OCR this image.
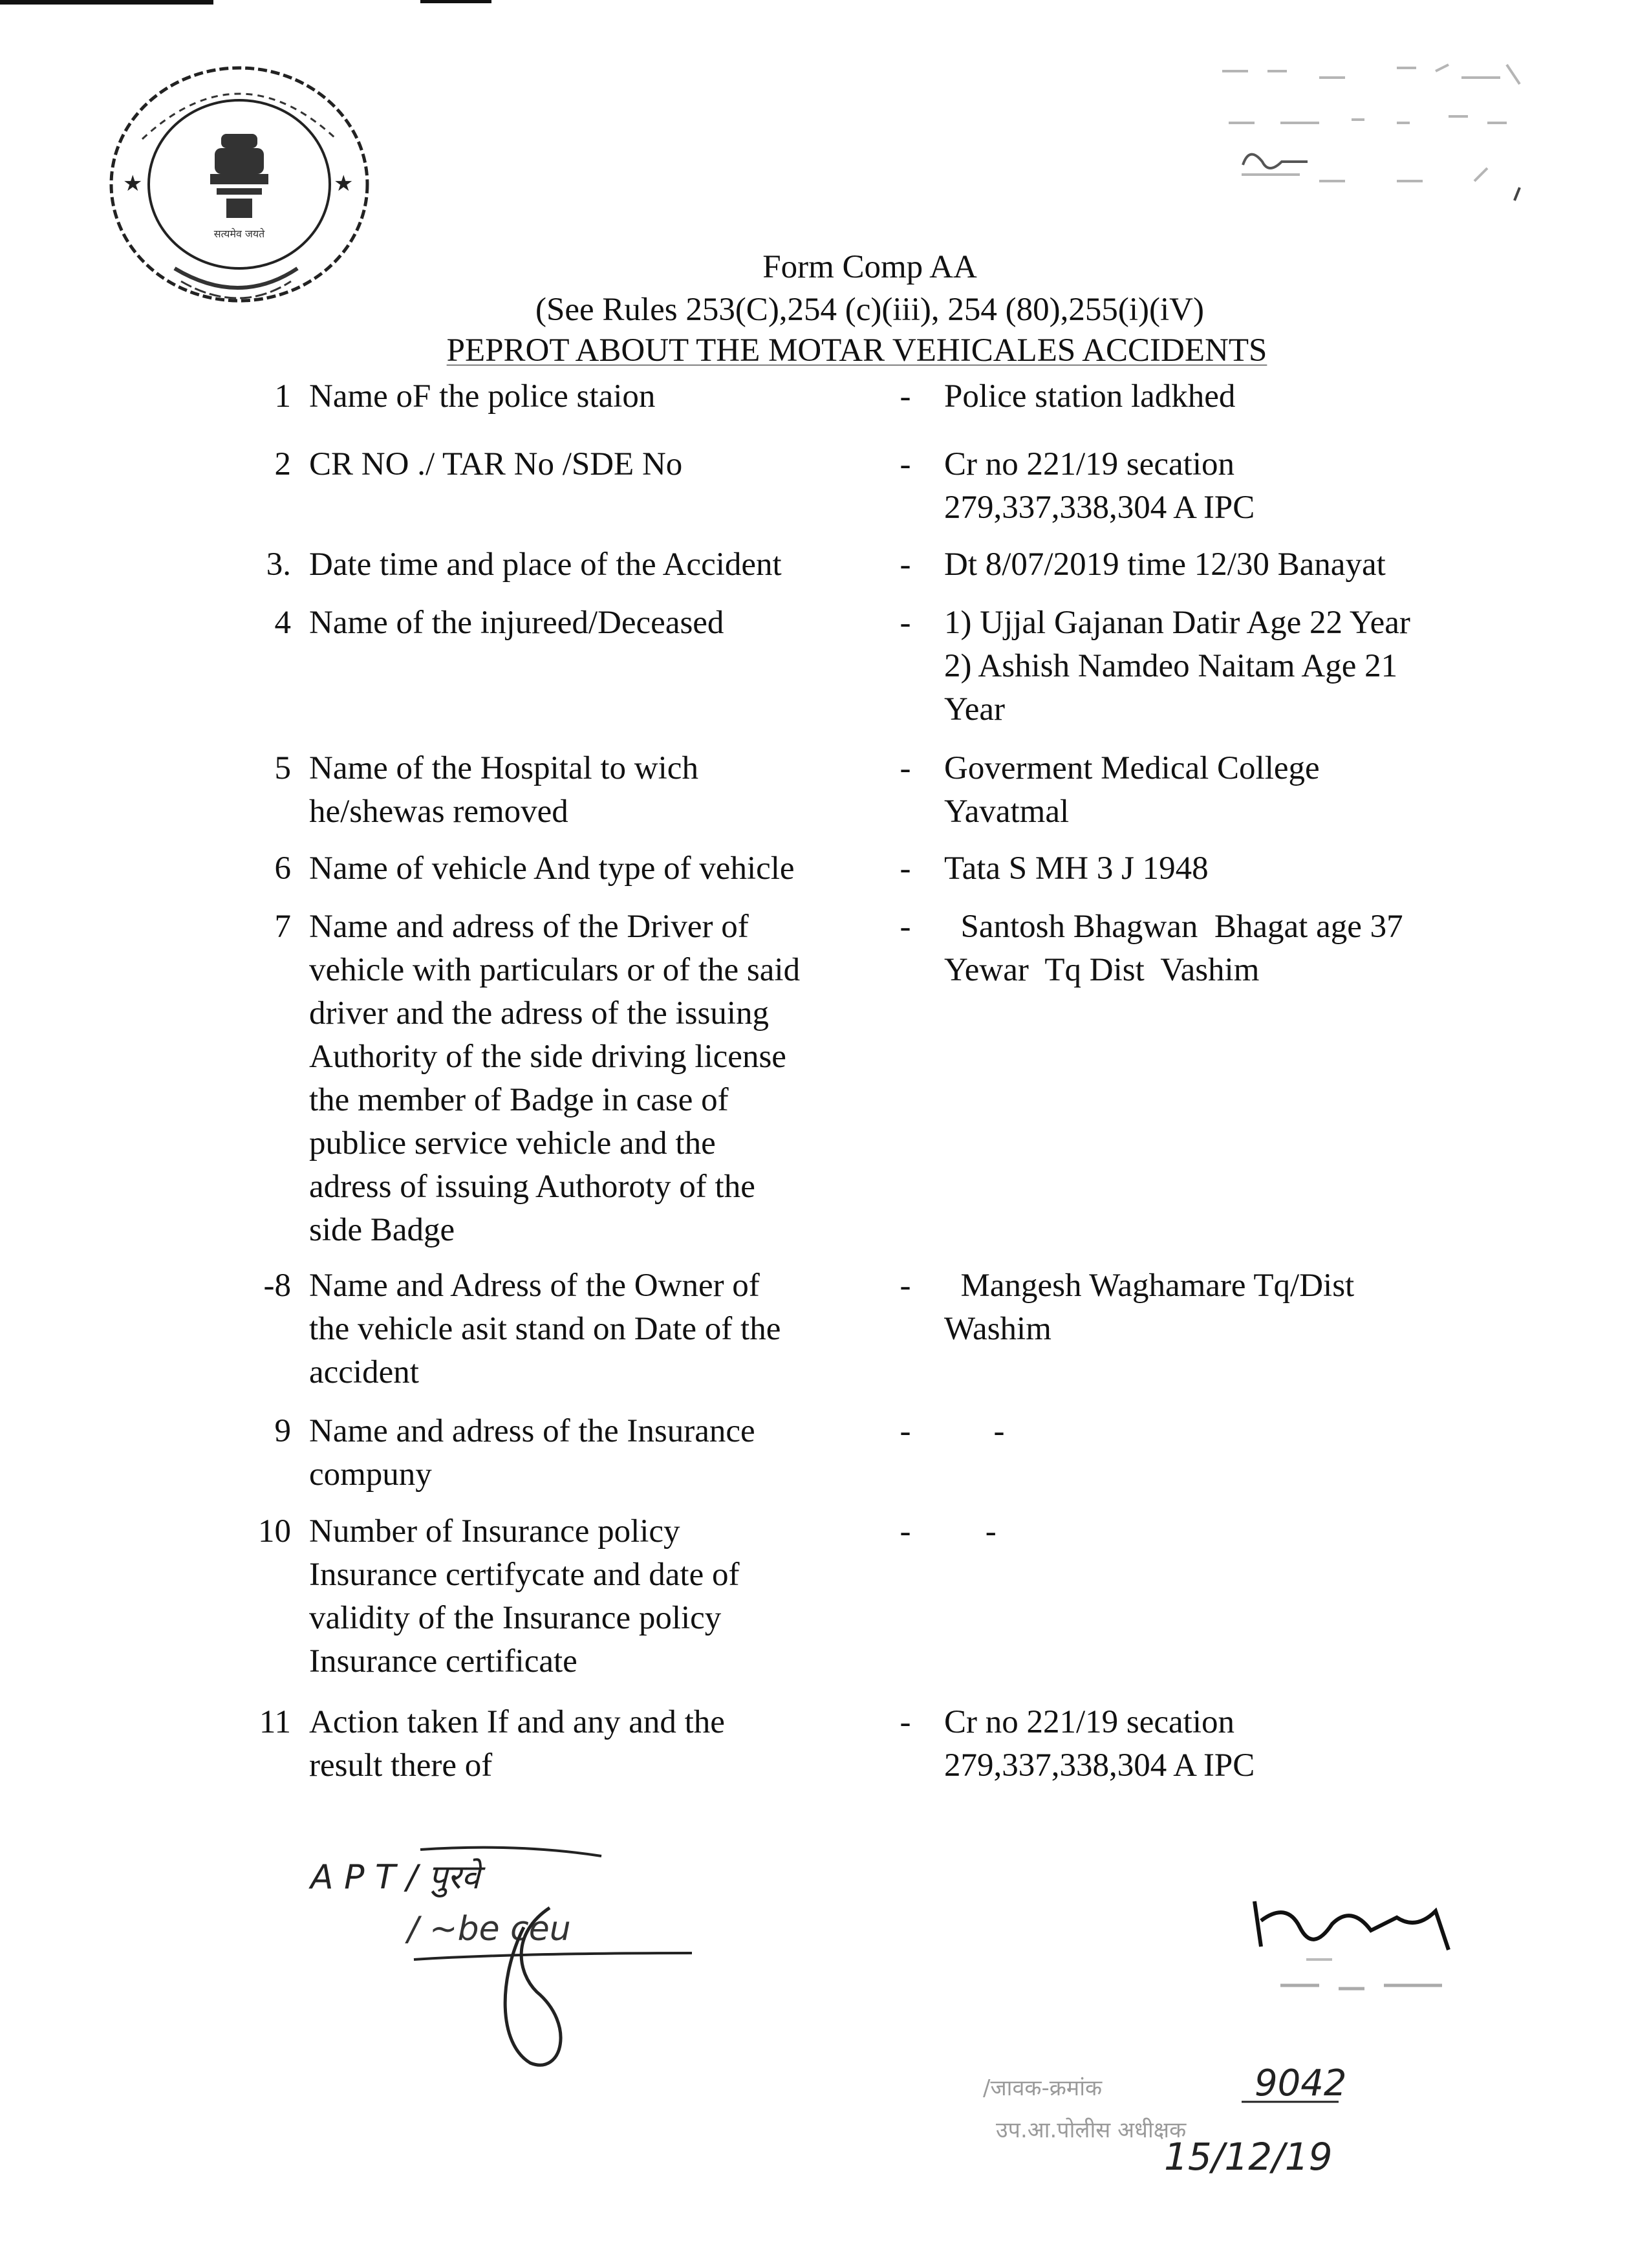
सत्यमेव जयते
★	★
Form Comp AA
(See Rules 253(C),254 (c)(iii), 254 (80),255(i)(iV)
PEPROT ABOUT THE MOTAR VEHICALES ACCIDENTS
1 Name oF the police staion	- Police station ladkhed
2 CR NO ./ TAR No /SDE No	- Cr no 221/19 secation
279,337,338,304 A IPC
3. Date time and place of the Accident	- Dt 8/07/2019 time 12/30 Banayat
4 Name of the injureed/Deceased	- 1) Ujjal Gajanan Datir Age 22 Year
2) Ashish Namdeo Naitam Age 21
Year
5 Name of the Hospital to wich
he/shewas removed
- Goverment Medical College
Yavatmal
6 Name of vehicle And type of vehicle	- Tata S MH 3 J 1948
7 Name and adress of the Driver of
vehicle with particulars or of the said
driver and the adress of the issuing
Authority of the side driving license
the member of Badge in case of
publice service vehicle and the
adress of issuing Authoroty of the
side Badge
-	Santosh Bhagwan  Bhagat age 37
Yewar  Tq Dist  Vashim
-8 Name and Adress of the Owner of
the vehicle asit stand on Date of the
accident
-	Mangesh Waghamare Tq/Dist
Washim
9 Name and adress of the Insurance
compuny
- -
10 Number of Insurance policy
Insurance certifycate and date of
validity of the Insurance policy
Insurance certificate
- -
11 Action taken If and any and the
result there of
- Cr no 221/19 secation
279,337,338,304 A IPC
A P T / पुरवे
/ ~be ceu
/जावक-क्रमांक	9042
उप.आ.पोलीस अधीक्षक
15/12/19
